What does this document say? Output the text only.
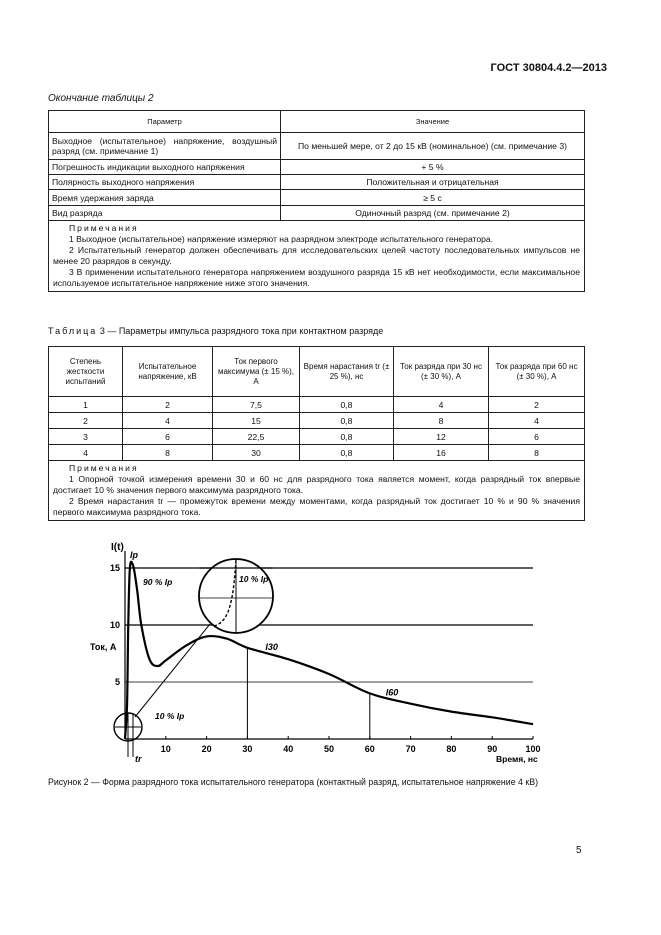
ГОСТ 30804.4.2—2013
Окончание таблицы 2
Параметр	Значение
Выходное (испытательное) напряжение, воздушный разряд (см. примечание 1)	По меньшей мере, от 2 до 15 кВ (номинальное) (см. примечание 3)
Погрешность индикации выходного напряжения	+ 5 %
Полярность выходного напряжения	Положительная и отрицательная
Время удержания заряда	≥ 5 с
Вид разряда	Одиночный разряд (см. примечание 2)

Примечания
1 Выходное (испытательное) напряжение измеряют на разрядном электроде испытательного генератора.
2 Испытательный генератор должен обеспечивать для исследовательских целей частоту последовательных импульсов не менее 20 разрядов в секунду.
3 В применении испытательного генератора напряжением воздушного разряда 15 кВ нет необходимости, если максимальное используемое испытательное напряжение ниже этого значения.	
Таблица 3 — Параметры импульса разрядного тока при контактном разряде
Степень жесткости испытаний	Испытательное напряжение, кВ	Ток первого максимума (± 15 %), А	Время нарастания tr (± 25 %), нс	Ток разряда при 30 нс (± 30 %), А	Ток разряда при 60 нс (± 30 %), А
1	2	7,5	0,8	4	2
2	4	15	0,8	8	4
3	6	22,5	0,8	12	6
4	8	30	0,8	16	8

Примечания
1 Опорной точкой измерения времени 30 и 60 нс для разрядного тока является момент, когда разрядный ток впервые достигает 10 % значения первого максимума разрядного тока.
2 Время нарастания tr — промежуток времени между моментами, когда разрядный ток достигает 10 % и 90 % значения первого максимума разрядного тока.					
5
10
15
10	20	30	40	50	60	70	80	90	100
I(t)
Ток, А
Время, нс
Ip
90 % Ip
I30
I60
10 % Ip
10 % Ip
tr
Рисунок 2 — Форма разрядного тока испытательного генератора (контактный разряд, испытательное напряжение 4 кВ)
5
